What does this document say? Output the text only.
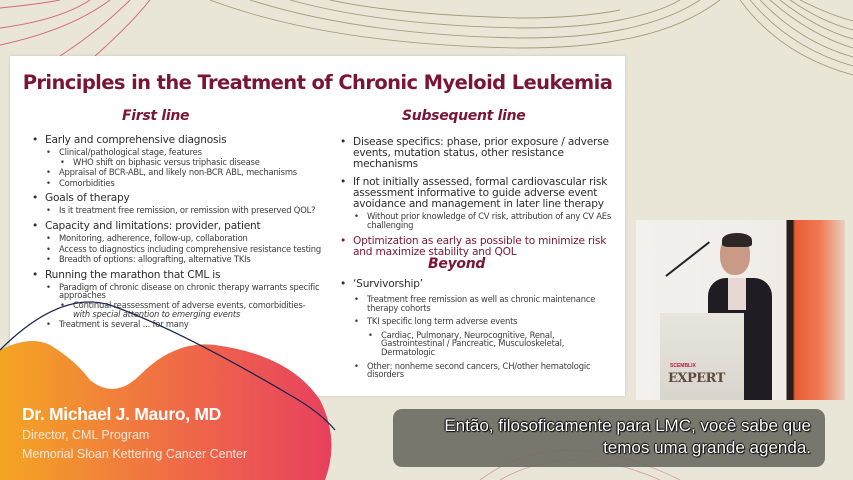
Principles in the Treatment of Chronic Myeloid Leukemia
First line	Subsequent line
• Early and comprehensive diagnosis
• Clinical/pathological stage, features
• WHO shift on biphasic versus triphasic disease
• Appraisal of BCR-ABL, and likely non-BCR ABL, mechanisms
• Comorbidities
• Goals of therapy
• Is it treatment free remission, or remission with preserved QOL?
• Capacity and limitations: provider, patient
• Monitoring, adherence, follow-up, collaboration
• Access to diagnostics including comprehensive resistance testing
• Breadth of options: allografting, alternative TKIs
• Running the marathon that CML is
• Paradigm of chronic disease on chronic therapy warrants specific approaches
• Continual reassessment of adverse events, comorbidities- with special attention to emerging events
• Treatment is several ... for many
• Disease specifics: phase, prior exposure / adverse events, mutation status, other resistance mechanisms
• If not initially assessed, formal cardiovascular risk assessment informative to guide adverse event avoidance and management in later line therapy
• Without prior knowledge of CV risk, attribution of any CV AEs challenging
• Optimization as early as possible to minimize risk and maximize stability and QOL
Beyond
• ‘Survivorship’
• Treatment free remission as well as chronic maintenance therapy cohorts
• TKI specific long term adverse events
• Cardiac, Pulmonary, Neurocognitive, Renal, Gastrointestinal / Pancreatic, Musculoskeletal, Dermatologic
• Other: nonheme second cancers, CH/other hematologic disorders
SCEMBLIX
EXPERT
Dr. Michael J. Mauro, MD
Director, CML Program
Memorial Sloan Kettering Cancer Center
Então, filosoficamente para LMC, você sabe que
temos uma grande agenda.
